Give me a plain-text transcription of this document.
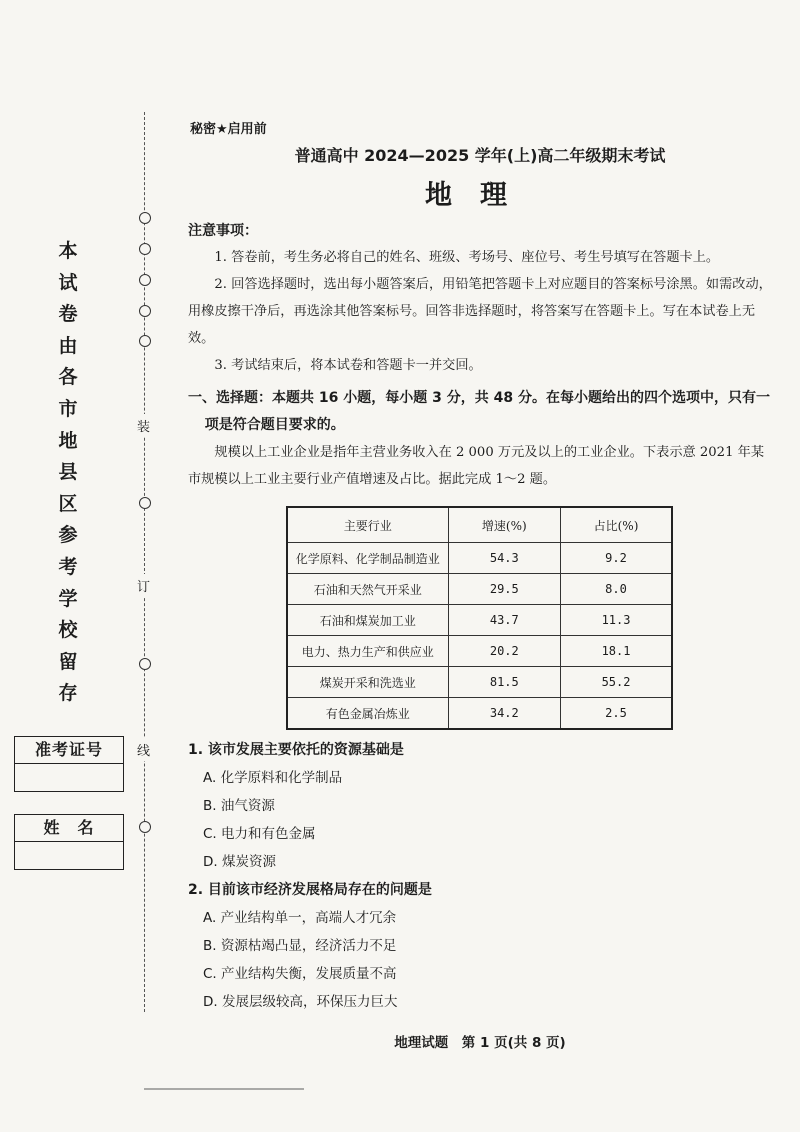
本
试
卷
由
各
市
地
县
区
参
考
学
校
留
存
准考证号
姓　名
装
订
线
秘密★启用前
普通高中 2024—2025 学年(上)高二年级期末考试
地理
注意事项：
1. 答卷前，考生务必将自己的姓名、班级、考场号、座位号、考生号填写在答题卡上。
2. 回答选择题时，选出每小题答案后，用铅笔把答题卡上对应题目的答案标号涂黑。如需改动，用橡皮擦干净后，再选涂其他答案标号。回答非选择题时，将答案写在答题卡上。写在本试卷上无效。
3. 考试结束后，将本试卷和答题卡一并交回。
一、选择题：本题共 16 小题，每小题 3 分，共 48 分。在每小题给出的四个选项中，只有一
项是符合题目要求的。
规模以上工业企业是指年主营业务收入在 2 000 万元及以上的工业企业。下表示意 2021 年某市规模以上工业主要行业产值增速及占比。据此完成 1～2 题。
主要行业	增速(%)	占比(%)
化学原料、化学制品制造业	54.3	9.2
石油和天然气开采业	29.5	8.0
石油和煤炭加工业	43.7	11.3
电力、热力生产和供应业	20.2	18.1
煤炭开采和洗选业	81.5	55.2
有色金属冶炼业	34.2	2.5
1. 该市发展主要依托的资源基础是
A. 化学原料和化学制品
B. 油气资源
C. 电力和有色金属
D. 煤炭资源
2. 目前该市经济发展格局存在的问题是
A. 产业结构单一，高端人才冗余
B. 资源枯竭凸显，经济活力不足
C. 产业结构失衡，发展质量不高
D. 发展层级较高，环保压力巨大
地理试题　第 1 页(共 8 页)
